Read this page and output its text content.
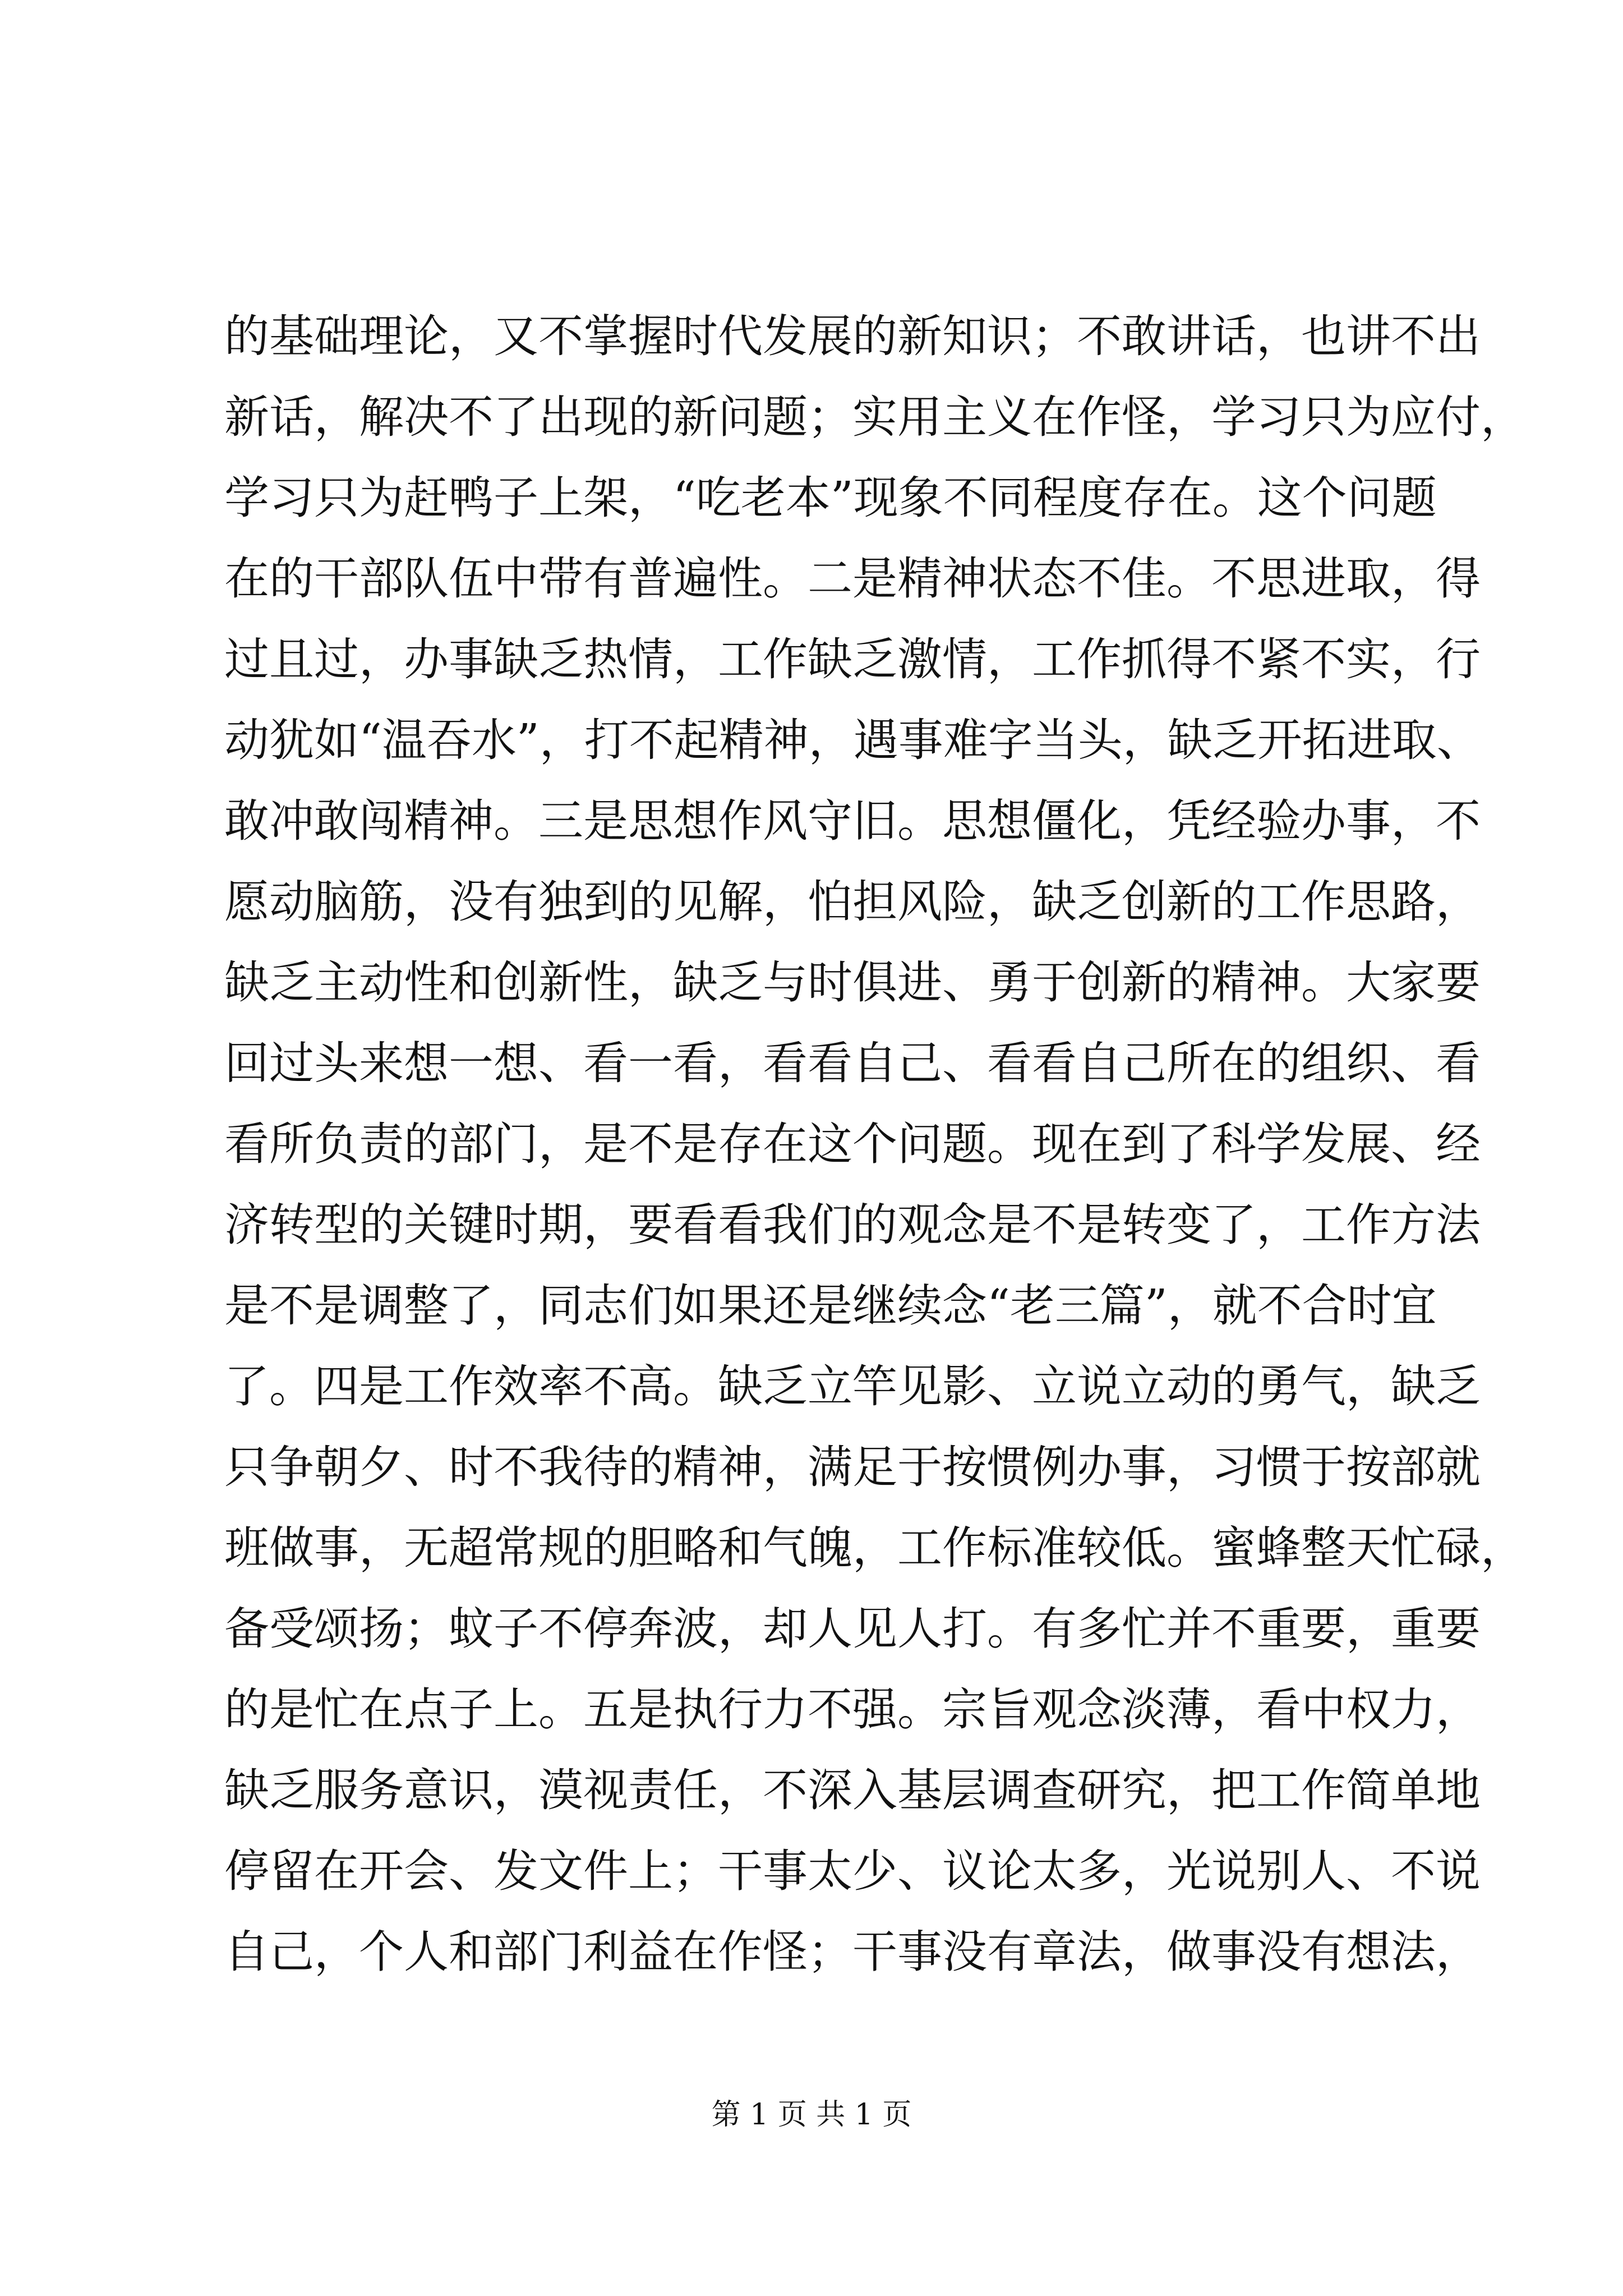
的基础理论，又不掌握时代发展的新知识；不敢讲话，也讲不出
新话，解决不了出现的新问题；实用主义在作怪，学习只为应付，
学习只为赶鸭子上架，“吃老本”现象不同程度存在。这个问题
在的干部队伍中带有普遍性。二是精神状态不佳。不思进取，得
过且过，办事缺乏热情，工作缺乏激情，工作抓得不紧不实，行
动犹如“温吞水”，打不起精神，遇事难字当头，缺乏开拓进取、
敢冲敢闯精神。三是思想作风守旧。思想僵化，凭经验办事，不
愿动脑筋，没有独到的见解，怕担风险，缺乏创新的工作思路，
缺乏主动性和创新性，缺乏与时俱进、勇于创新的精神。大家要
回过头来想一想、看一看，看看自己、看看自己所在的组织、看
看所负责的部门，是不是存在这个问题。现在到了科学发展、经
济转型的关键时期，要看看我们的观念是不是转变了，工作方法
是不是调整了，同志们如果还是继续念“老三篇”，就不合时宜
了。四是工作效率不高。缺乏立竿见影、立说立动的勇气，缺乏
只争朝夕、时不我待的精神，满足于按惯例办事，习惯于按部就
班做事，无超常规的胆略和气魄，工作标准较低。蜜蜂整天忙碌，
备受颂扬；蚊子不停奔波，却人见人打。有多忙并不重要，重要
的是忙在点子上。五是执行力不强。宗旨观念淡薄，看中权力，
缺乏服务意识，漠视责任，不深入基层调查研究，把工作简单地
停留在开会、发文件上；干事太少、议论太多，光说别人、不说
自己，个人和部门利益在作怪；干事没有章法，做事没有想法，
第 1 页 共 1 页
